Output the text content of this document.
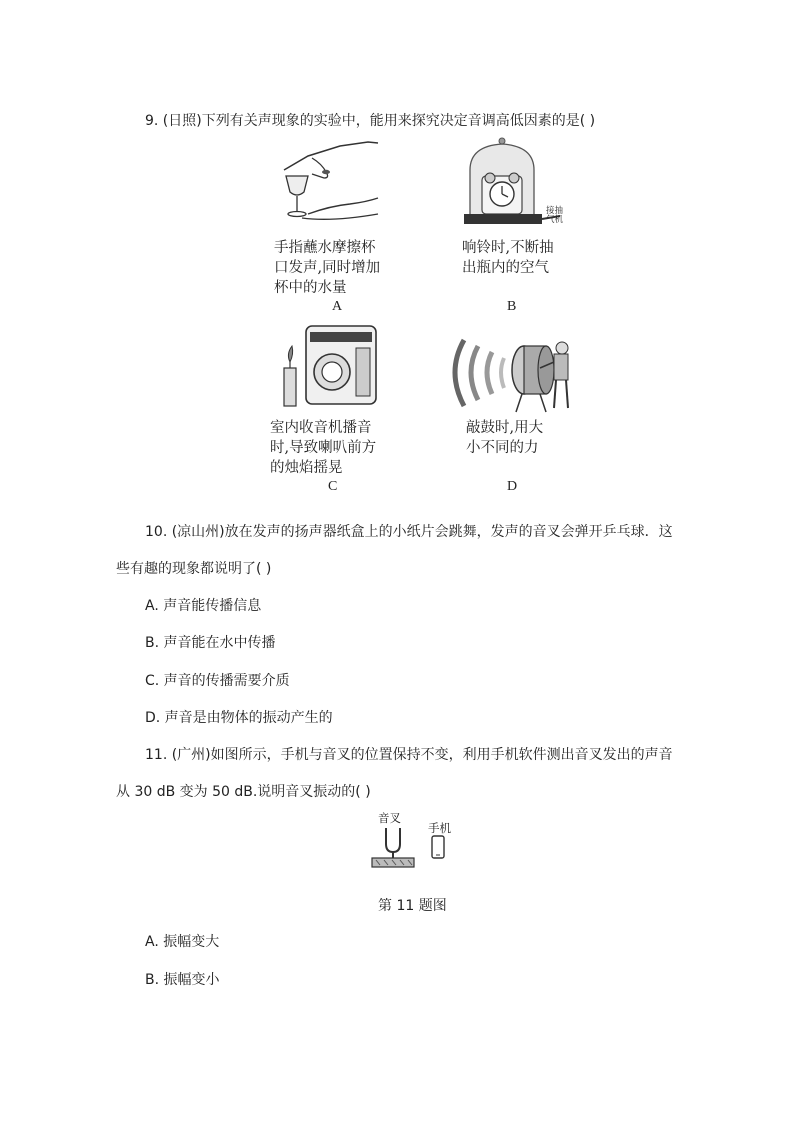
9. (日照)下列有关声现象的实验中，能用来探究决定音调高低因素的是( )
手指蘸水摩擦杯
口发声,同时增加
杯中的水量
A
接抽
气机
响铃时,不断抽
出瓶内的空气
B
室内收音机播音
时,导致喇叭前方
的烛焰摇晃
C
敲鼓时,用大
小不同的力
D
10. (凉山州)放在发声的扬声器纸盒上的小纸片会跳舞，发声的音叉会弹开乒乓球．这
些有趣的现象都说明了( )
A. 声音能传播信息
B. 声音能在水中传播
C. 声音的传播需要介质
D. 声音是由物体的振动产生的
11. (广州)如图所示，手机与音叉的位置保持不变，利用手机软件测出音叉发出的声音
从 30 dB 变为 50 dB.说明音叉振动的( )
音叉
手机
第 11 题图
A. 振幅变大
B. 振幅变小
